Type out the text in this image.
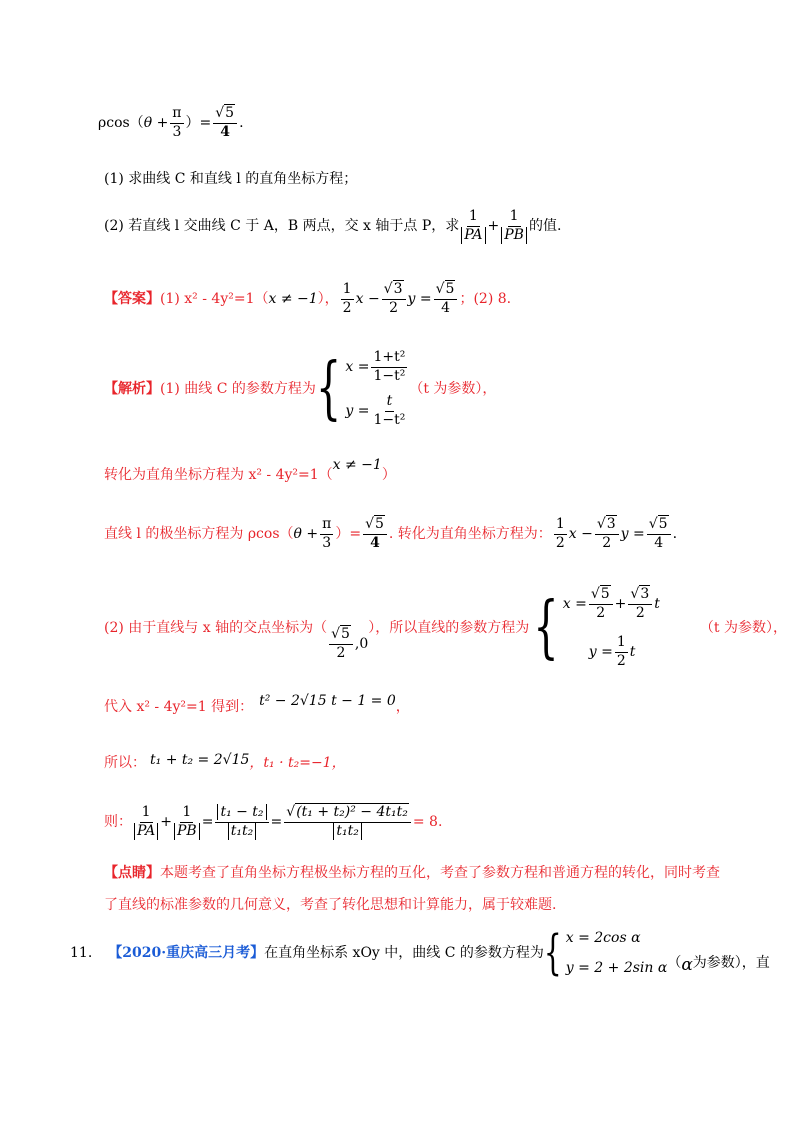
ρcos（ $\theta + \frac{\pi}{3}$ ）= $\frac{√5}{4}$ .
(1) 求曲线 C 和直线 l 的直角坐标方程；
(2) 若直线 l 交曲线 C 于 A，B 两点，交 x 轴于点 P，求 $\frac{1}{PA} + \frac{1}{PB}$ 的值.
【答案】 (1) x² - 4y²=1（ x ≠ −1 ）， $\frac{1}{2}$ $x - \frac{√3}{2}$ $y = \frac{√5}{4}$ ；(2) 8.
【解析】 (1) 曲线 C 的参数方程为 { $x = \frac{\text{1+t²}}{\text{1−t²}}$
$y = \frac{t}{\text{1−t²}}$
（t 为参数），
转化为直角坐标方程为 x² - 4y²=1（
x ≠ −1
）
直线 l 的极坐标方程为 ρcos（ $\theta + \frac{\pi}{3}$ ）= $\frac{√5}{4}$ . 转化为直角坐标方程为： $\frac{1}{2}$ $x - \frac{√3}{2}$ $y = \frac{√5}{4}$ .
(2) 由于直线与 x 轴的交点坐标为（ $\frac{√5}{2} ,0$
），所以直线的参数方程为 { $x = \frac{√5}{2} + \frac{√3}{2}$ t
$y = \frac{1}{2}$ t
（t 为参数），
代入 x² - 4y²=1 得到： t² − 2√15 t − 1 = 0 ，
所以： t₁ + t₂ = 2√15 ，t₁ · t₂=−1，
则： $\frac{1}{PA} + \frac{1}{PB} = \frac{\text{t₁ − t₂}}{\text{t₁t₂}} = \frac{\text{√(t₁ + t₂)² − 4t₁t₂}}{\text{t₁t₂}} = 8$.
【点睛】本题考查了直角坐标方程极坐标方程的互化，考查了参数方程和普通方程的转化，同时考查
了直线的标准参数的几何意义，考查了转化思想和计算能力，属于较难题.
11. 【2020·重庆高三月考】 在直角坐标系 xOy 中，曲线 C 的参数方程为 { x = 2cos α
y = 2 + 2sin α （ α 为参数），直
